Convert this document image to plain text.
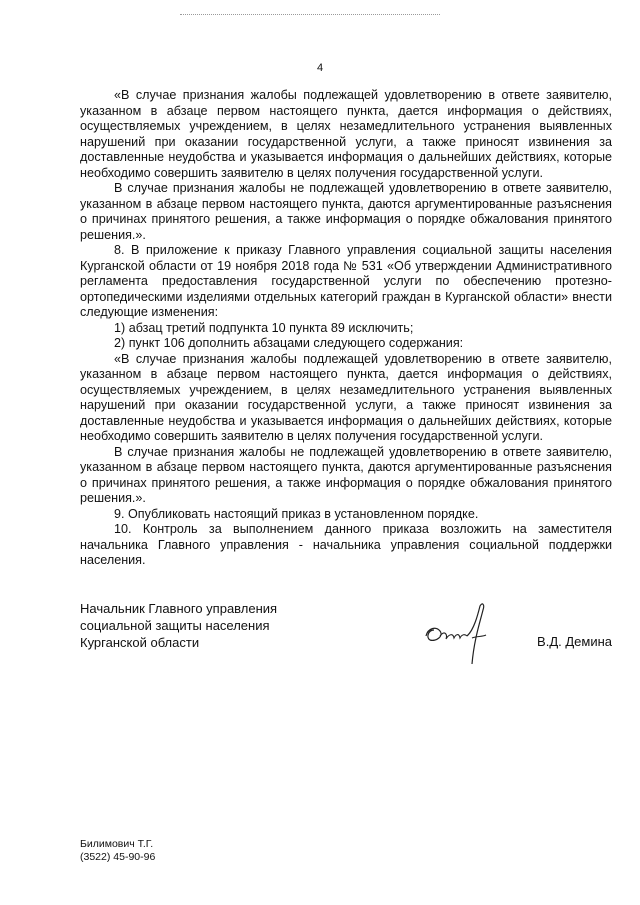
4

«В случае признания жалобы подлежащей удовлетворению в ответе заявителю, указанном в абзаце первом настоящего пункта, дается информация о действиях, осуществляемых учреждением, в целях незамедлительного устранения выявленных нарушений при оказании государственной услуги, а также приносят извинения за доставленные неудобства и указывается информация о дальнейших действиях, которые необходимо совершить заявителю в целях получения государственной услуги.

В случае признания жалобы не подлежащей удовлетворению в ответе заявителю, указанном в абзаце первом настоящего пункта, даются аргументированные разъяснения о причинах принятого решения, а также информация о порядке обжалования принятого решения.».

8. В приложение к приказу Главного управления социальной защиты населения Курганской области от 19 ноября 2018 года № 531 «Об утверждении Административного регламента предоставления государственной услуги по обеспечению протезно-ортопедическими изделиями отдельных категорий граждан в Курганской области» внести следующие изменения:

1) абзац третий подпункта 10 пункта 89 исключить;

2) пункт 106 дополнить абзацами следующего содержания:

«В случае признания жалобы подлежащей удовлетворению в ответе заявителю, указанном в абзаце первом настоящего пункта, дается информация о действиях, осуществляемых учреждением, в целях незамедлительного устранения выявленных нарушений при оказании государственной услуги, а также приносят извинения за доставленные неудобства и указывается информация о дальнейших действиях, которые необходимо совершить заявителю в целях получения государственной услуги.

В случае признания жалобы не подлежащей удовлетворению в ответе заявителю, указанном в абзаце первом настоящего пункта, даются аргументированные разъяснения о причинах принятого решения, а также информация о порядке обжалования принятого решения.».

9. Опубликовать настоящий приказ в установленном порядке.

10. Контроль за выполнением данного приказа возложить на заместителя начальника Главного управления - начальника управления социальной поддержки населения.

Начальник Главного управления
социальной защиты населения
Курганской области	В.Д. Демина
Билимович Т.Г.
(3522) 45-90-96
